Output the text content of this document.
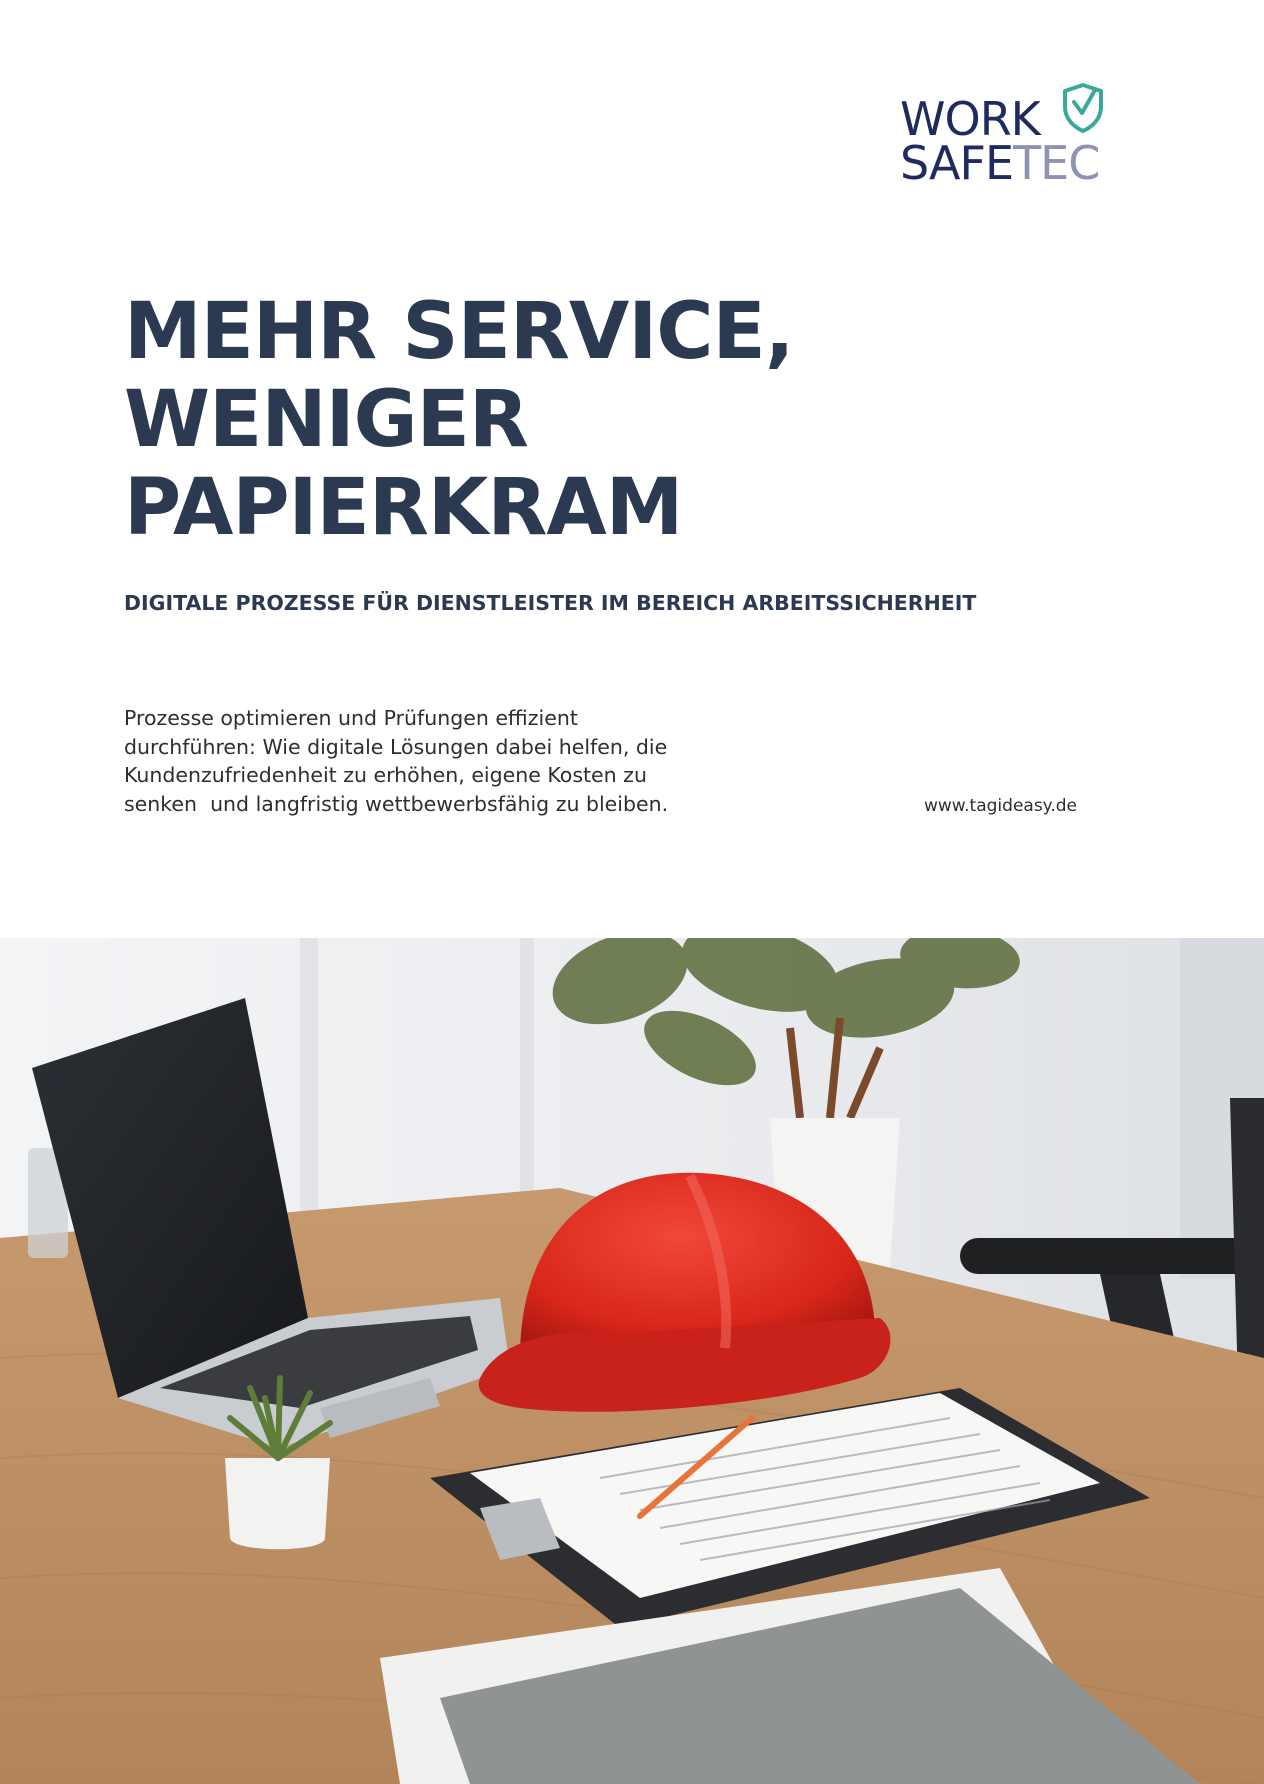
WORK
SAFETEC
MEHR SERVICE,
WENIGER
PAPIERKRAM
DIGITALE PROZESSE FÜR DIENSTLEISTER IM BEREICH ARBEITSSICHERHEIT

Prozesse optimieren und Prüfungen effizient
durchführen: Wie digitale Lösungen dabei helfen, die
Kundenzufriedenheit zu erhöhen, eigene Kosten zu
senken  und langfristig wettbewerbsfähig zu bleiben.	www.tagideasy.de
